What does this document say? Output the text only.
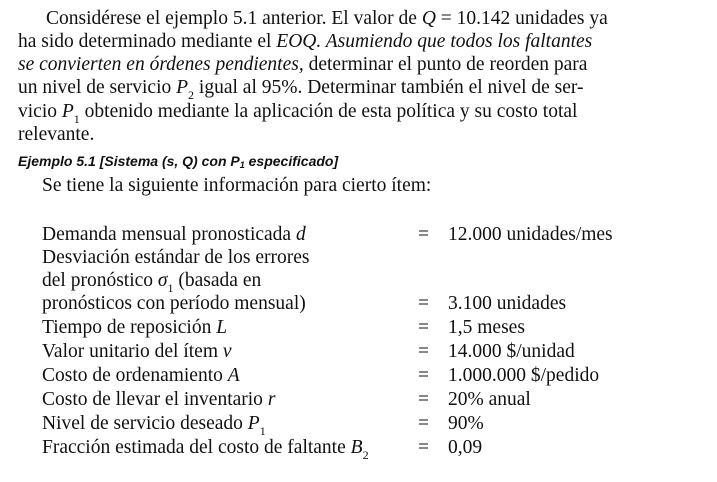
Considérese el ejemplo 5.1 anterior. El valor de Q = 10.142 unidades ya
ha sido determinado mediante el EOQ. Asumiendo que todos los faltantes
se convierten en órdenes pendientes, determinar el punto de reorden para
un nivel de servicio $P_2$ igual al 95%. Determinar también el nivel de ser-
vicio $P_1$ obtenido mediante la aplicación de esta política y su costo total
relevante.
Ejemplo 5.1 [Sistema (s, Q) con $P_1$ especificado]
Se tiene la siguiente información para cierto ítem:
Demanda mensual pronosticada d	= 12.000 unidades/mes
Desviación estándar de los errores
del pronóstico $\sigma_1$ (basada en
pronósticos con período mensual)	= 3.100 unidades
Tiempo de reposición L	= 1,5 meses
Valor unitario del ítem v	= 14.000 $/unidad
Costo de ordenamiento A	= 1.000.000 $/pedido
Costo de llevar el inventario r	= 20% anual
Nivel de servicio deseado $P_1$	= 90%
Fracción estimada del costo de faltante $B_2$	= 0,09
